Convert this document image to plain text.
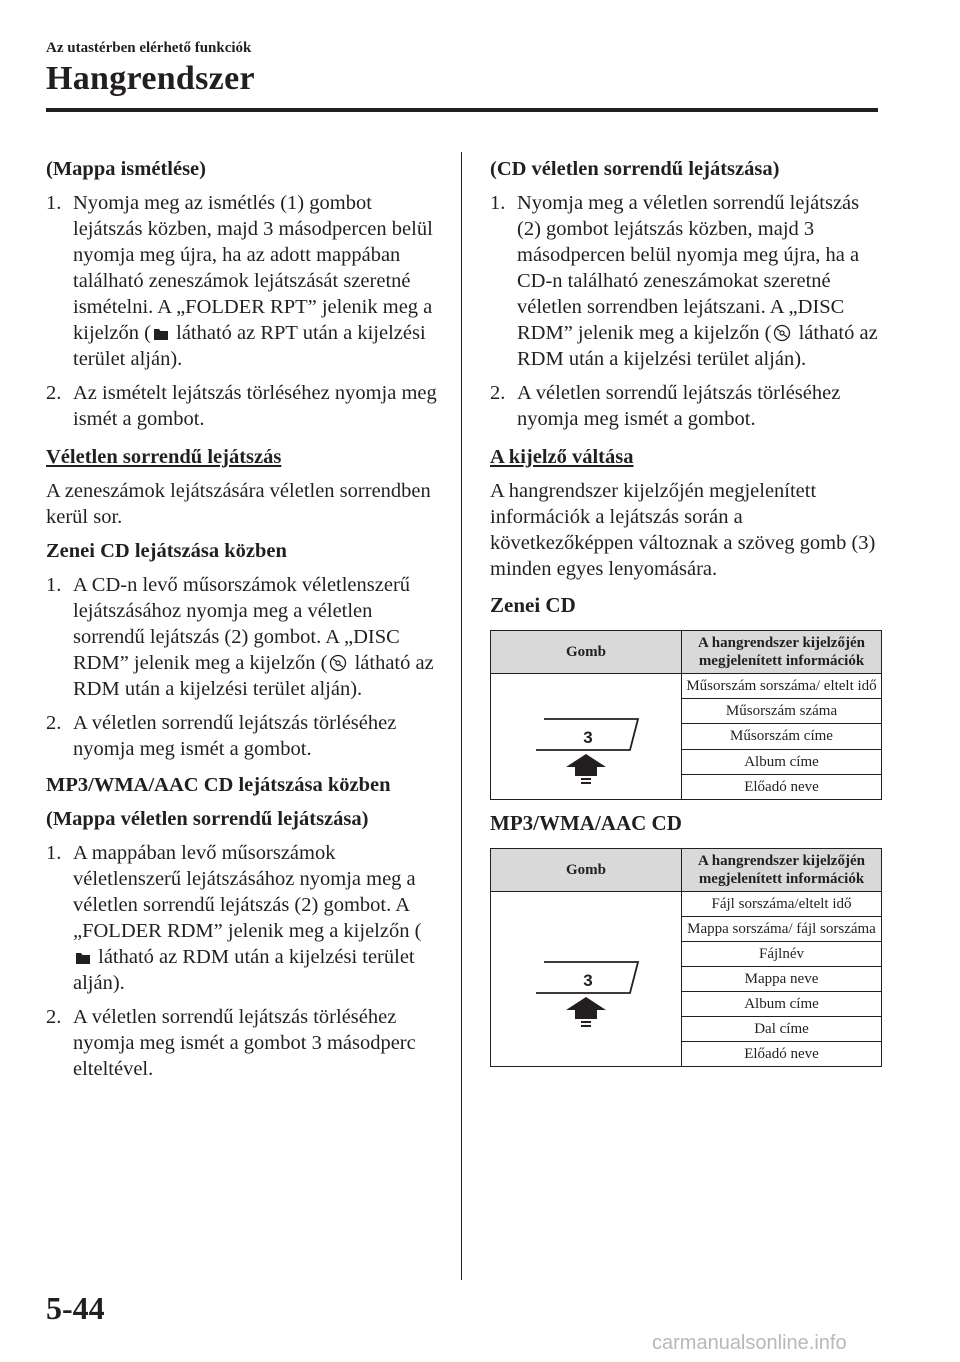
Az utastérben elérhető funkciók
Hangrendszer

(Mappa ismétlése)

1. Nyomja meg az ismétlés (1) gombot lejátszás közben, majd 3 másodpercen belül nyomja meg újra, ha az adott mappában található zeneszámok lejátszását szeretné ismételni. A „FOLDER RPT” jelenik meg a kijelzőn ( látható az RPT után a kijelzési terület alján).
2. Az ismételt lejátszás törléséhez nyomja meg ismét a gombot.

Véletlen sorrendű lejátszás

A zeneszámok lejátszására véletlen sorrendben kerül sor.

Zenei CD lejátszása közben

1. A CD-n levő műsorszámok véletlenszerű lejátszásához nyomja meg a véletlen sorrendű lejátszás (2) gombot. A „DISC RDM” jelenik meg a kijelzőn ( látható az RDM után a kijelzési terület alján).
2. A véletlen sorrendű lejátszás törléséhez nyomja meg ismét a gombot.

MP3/WMA/AAC CD lejátszása közben

(Mappa véletlen sorrendű lejátszása)

1. A mappában levő műsorszámok véletlenszerű lejátszásához nyomja meg a véletlen sorrendű lejátszás (2) gombot. A „FOLDER RDM” jelenik meg a kijelzőn ( látható az RDM után a kijelzési terület alján).
2. A véletlen sorrendű lejátszás törléséhez nyomja meg ismét a gombot 3 másodperc elteltével.

(CD véletlen sorrendű lejátszása)

1. Nyomja meg a véletlen sorrendű lejátszás (2) gombot lejátszás közben, majd 3 másodpercen belül nyomja meg újra, ha a CD-n található zeneszámokat szeretné véletlen sorrendben lejátszani. A „DISC RDM” jelenik meg a kijelzőn ( látható az RDM után a kijelzési terület alján).
2. A véletlen sorrendű lejátszás törléséhez nyomja meg ismét a gombot.

A kijelző váltása

A hangrendszer kijelzőjén megjelenített információk a lejátszás során a következőképpen változnak a szöveg gomb (3) minden egyes lenyomására.

Zenei CD

Gomb	A hangrendszer kijelzőjén megjelenített információk

3	Műsorszám sorszáma/ eltelt idő
	Műsorszám száma
	Műsorszám címe
	Album címe
	Előadó neve

MP3/WMA/AAC CD

Gomb	A hangrendszer kijelzőjén megjelenített információk

3	Fájl sorszáma/eltelt idő
	Mappa sorszáma/ fájl sorszáma
	Fájlnév
	Mappa neve
	Album címe
	Dal címe
	Előadó neve
5-44
carmanualsonline.info
